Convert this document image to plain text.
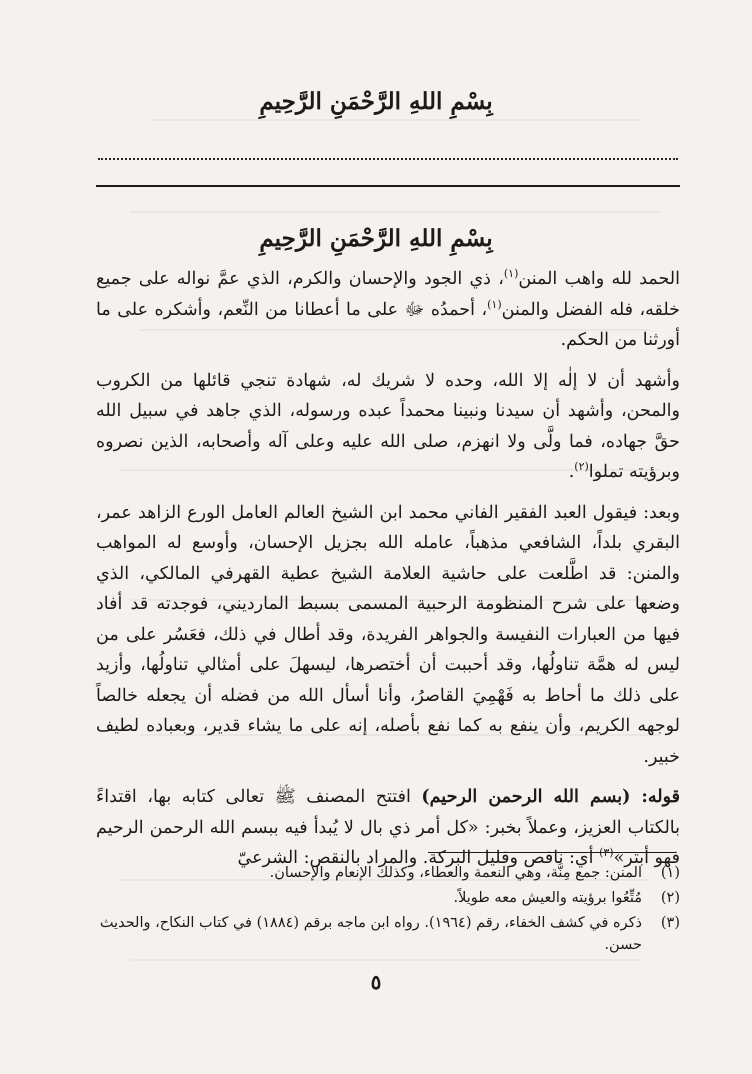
بِسْمِ اللهِ الرَّحْمَنِ الرَّحِيمِ
بِسْمِ اللهِ الرَّحْمَنِ الرَّحِيمِ

الحمد لله واهب المنن$^{(١)}$، ذي الجود والإحسان والكرم، الذي عمَّ نواله على جميع خلقه، فله الفضل والمنن$^{(١)}$، أحمدُه ﷻ على ما أعطانا من النِّعم، وأشكره على ما أورثنا من الحكم.

وأشهد أن لا إلٰه إلا الله، وحده لا شريك له، شهادة تنجي قائلها من الكروب والمحن، وأشهد أن سيدنا ونبينا محمداً عبده ورسوله، الذي جاهد في سبيل الله حقَّ جهاده، فما ولَّى ولا انهزم، صلى الله عليه وعلى آله وأصحابه، الذين نصروه وبرؤيته تملوا$^{(٢)}$.

وبعد: فيقول العبد الفقير الفاني محمد ابن الشيخ العالم العامل الورع الزاهد عمر، البقري بلداً، الشافعي مذهباً، عامله الله بجزيل الإحسان، وأوسع له المواهب والمنن: قد اطَّلعت على حاشية العلامة الشيخ عطية القهرفي المالكي، الذي وضعها على شرح المنظومة الرحبية المسمى بسبط المارديني، فوجدته قد أفاد فيها من العبارات النفيسة والجواهر الفريدة، وقد أطال في ذلك، فعَسُر على من ليس له همَّة تناولُها، وقد أحببت أن أختصرها، ليسهلَ على أمثالي تناولُها، وأزيد على ذلك ما أحاط به فَهْمِيَ القاصرُ، وأنا أسأل الله من فضله أن يجعله خالصاً لوجهه الكريم، وأن ينفع به كما نفع بأصله، إنه على ما يشاء قدير، وبعباده لطيف خبير.

قوله: (بسم الله الرحمن الرحيم) افتتح المصنف ﷺ تعالى كتابه بها، اقتداءً بالكتاب العزيز، وعملاً بخبر: «كل أمر ذي بال لا يُبدأ فيه ببسم الله الرحمن الرحيم فهو أبتر»$^{(٣)}$ أي: ناقص وقليل البركة. والمراد بالنقص: الشرعيّ

(١)
المنن: جمع مِنَّة، وهي النعمة والعطاء، وكذلك الإنعام والإحسان.
(٢)
مُتِّعُوا برؤيته والعيش معه طويلاً.
(٣)
ذكره في كشف الخفاء، رقم (١٩٦٤). رواه ابن ماجه برقم (١٨٨٤) في كتاب النكاح، والحديث حسن.
٥
